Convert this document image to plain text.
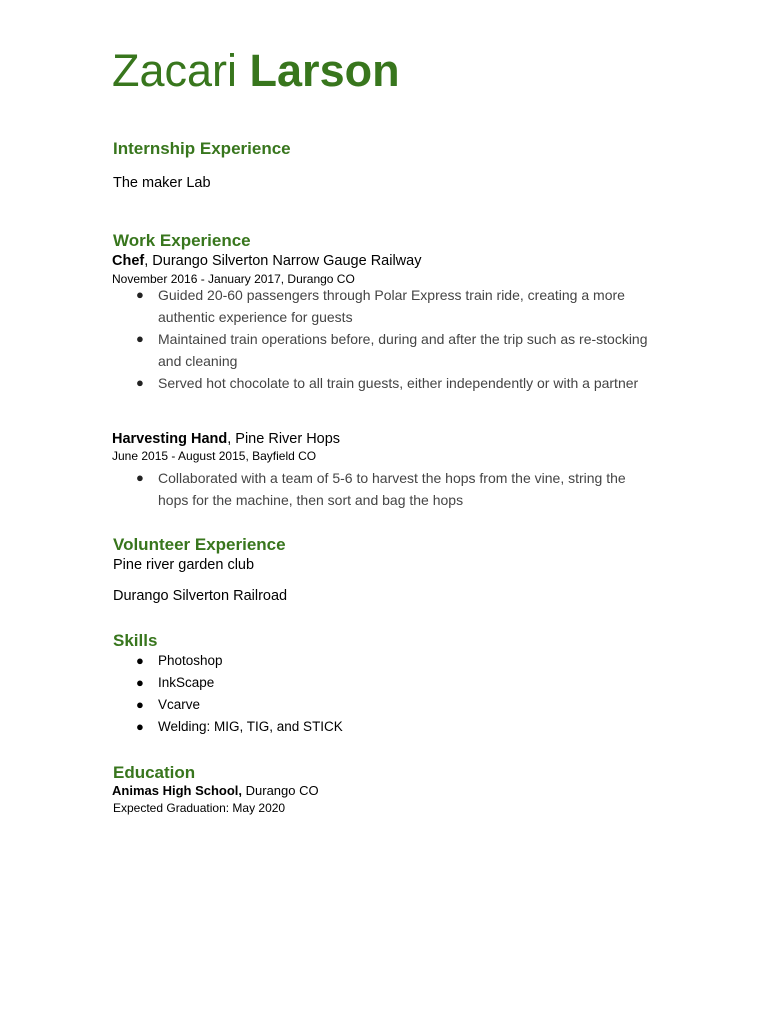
Zacari Larson
Internship Experience
The maker Lab
Work Experience
Chef, Durango Silverton Narrow Gauge Railway
November 2016 - January 2017, Durango CO
● Guided 20-60 passengers through Polar Express train ride, creating a more authentic experience for guests
● Maintained train operations before, during and after the trip such as re-stocking and cleaning
● Served hot chocolate to all train guests, either independently or with a partner
Harvesting Hand, Pine River Hops
June 2015 - August 2015, Bayfield CO
● Collaborated with a team of 5-6 to harvest the hops from the vine, string the hops for the machine, then sort and bag the hops
Volunteer Experience
Pine river garden club
Durango Silverton Railroad
Skills
● Photoshop
● InkScape
● Vcarve
● Welding: MIG, TIG, and STICK
Education
Animas High School, Durango CO
Expected Graduation: May 2020
